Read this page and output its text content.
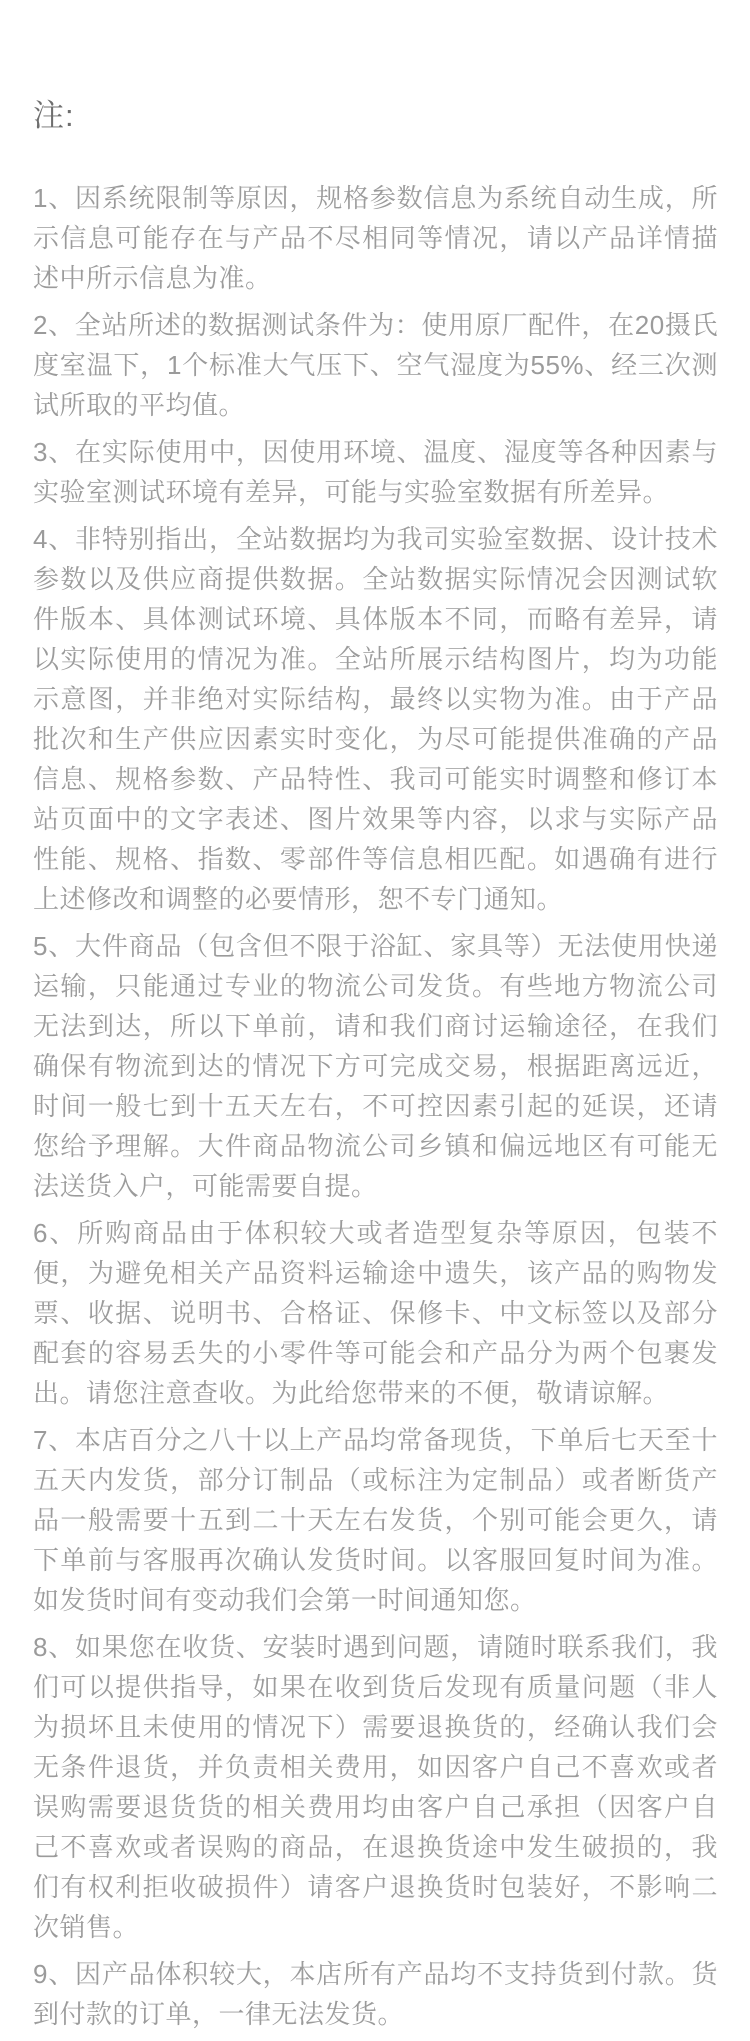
注:

1、因系统限制等原因，规格参数信息为系统自动生成，所示信息可能存在与产品不尽相同等情况，请以产品详情描述中所示信息为准。

2、全站所述的数据测试条件为：使用原厂配件，在20摄氏度室温下，1个标准大气压下、空气湿度为55%、经三次测试所取的平均值。

3、在实际使用中，因使用环境、温度、湿度等各种因素与实验室测试环境有差异，可能与实验室数据有所差异。

4、非特别指出，全站数据均为我司实验室数据、设计技术参数以及供应商提供数据。全站数据实际情况会因测试软件版本、具体测试环境、具体版本不同，而略有差异，请以实际使用的情况为准。全站所展示结构图片，均为功能示意图，并非绝对实际结构，最终以实物为准。由于产品批次和生产供应因素实时变化，为尽可能提供准确的产品信息、规格参数、产品特性、我司可能实时调整和修订本站页面中的文字表述、图片效果等内容，以求与实际产品性能、规格、指数、零部件等信息相匹配。如遇确有进行上述修改和调整的必要情形，恕不专门通知。

5、大件商品（包含但不限于浴缸、家具等）无法使用快递运输，只能通过专业的物流公司发货。有些地方物流公司无法到达，所以下单前，请和我们商讨运输途径，在我们确保有物流到达的情况下方可完成交易，根据距离远近，时间一般七到十五天左右，不可控因素引起的延误，还请您给予理解。大件商品物流公司乡镇和偏远地区有可能无法送货入户，可能需要自提。

6、所购商品由于体积较大或者造型复杂等原因，包装不便，为避免相关产品资料运输途中遗失，该产品的购物发票、收据、说明书、合格证、保修卡、中文标签以及部分配套的容易丢失的小零件等可能会和产品分为两个包裹发出。请您注意查收。为此给您带来的不便，敬请谅解。

7、本店百分之八十以上产品均常备现货，下单后七天至十五天内发货，部分订制品（或标注为定制品）或者断货产品一般需要十五到二十天左右发货，个别可能会更久，请下单前与客服再次确认发货时间。以客服回复时间为准。如发货时间有变动我们会第一时间通知您。

8、如果您在收货、安装时遇到问题，请随时联系我们，我们可以提供指导，如果在收到货后发现有质量问题（非人为损坏且未使用的情况下）需要退换货的，经确认我们会无条件退货，并负责相关费用，如因客户自己不喜欢或者误购需要退货货的相关费用均由客户自己承担（因客户自己不喜欢或者误购的商品，在退换货途中发生破损的，我们有权利拒收破损件）请客户退换货时包装好，不影响二次销售。

9、因产品体积较大，本店所有产品均不支持货到付款。货到付款的订单，一律无法发货。
